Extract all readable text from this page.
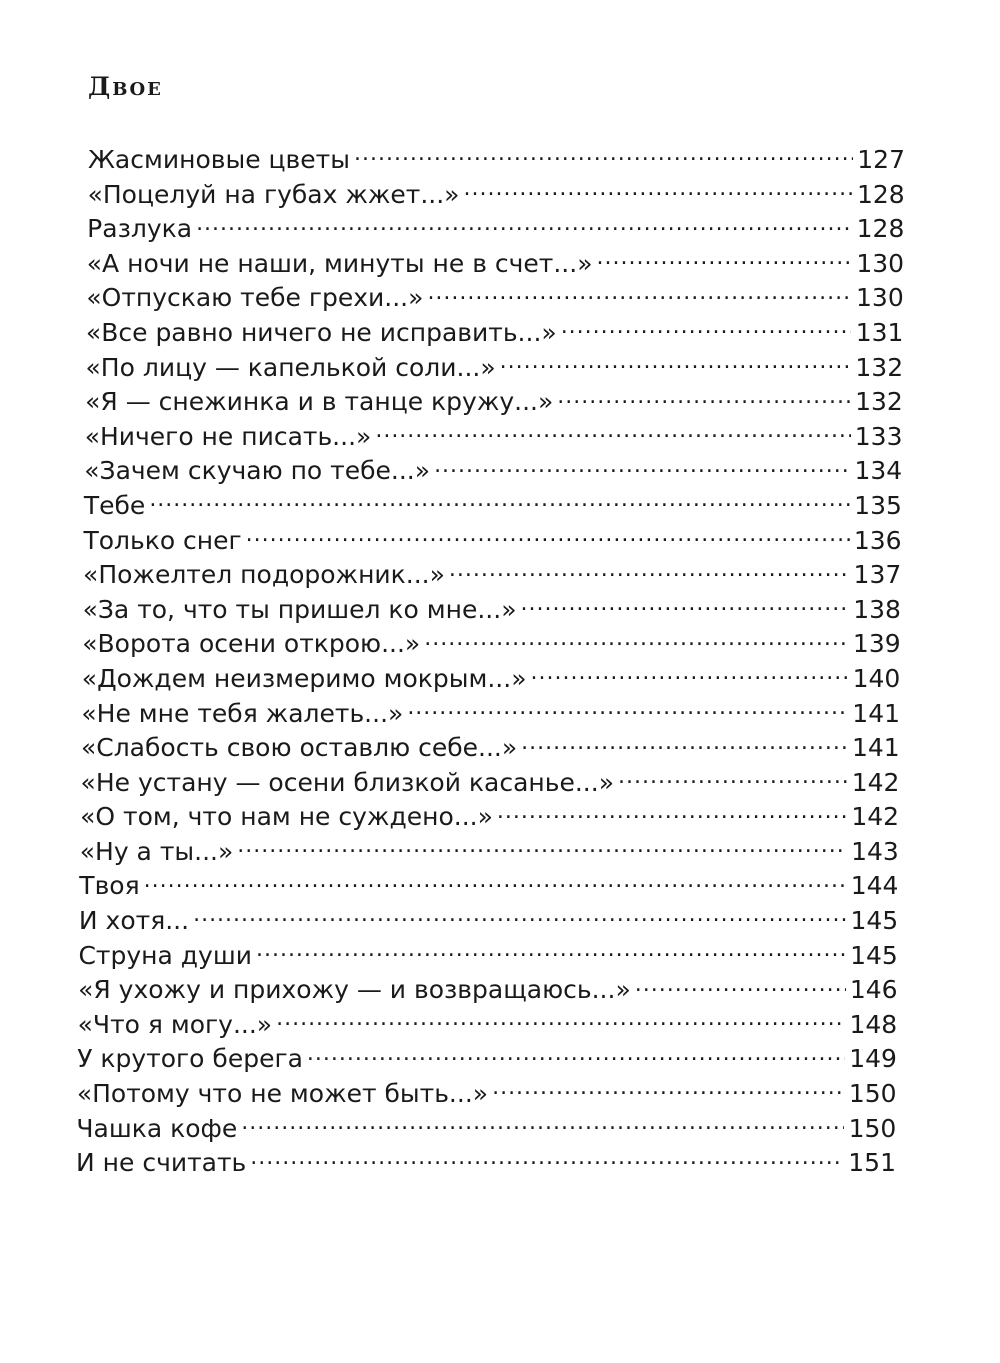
Двое
Жасминовые цветы .....	127
«Поцелуй на губах жжет...» .....	128
Разлука .....	128
«А ночи не наши, минуты не в счет...» .....	130
«Отпускаю тебе грехи...» .....	130
«Все равно ничего не исправить...» .....	131
«По лицу — капелькой соли...» .....	132
«Я — снежинка и в танце кружу...» .....	132
«Ничего не писать...» .....	133
«Зачем скучаю по тебе...» .....	134
Тебе .....	135
Только снег .....	136
«Пожелтел подорожник...» .....	137
«За то, что ты пришел ко мне...» .....	138
«Ворота осени открою...» .....	139
«Дождем неизмеримо мокрым...» .....	140
«Не мне тебя жалеть...» .....	141
«Слабость свою оставлю себе...» .....	141
«Не устану — осени близкой касанье...» .....	142
«О том, что нам не суждено...» .....	142
«Ну а ты...» .....	143
Твоя .....	144
И хотя... .....	145
Струна души .....	145
«Я ухожу и прихожу — и возвращаюсь...» .....	146
«Что я могу...» .....	148
У крутого берега .....	149
«Потому что не может быть...» .....	150
Чашка кофе .....	150
И не считать .....	151
